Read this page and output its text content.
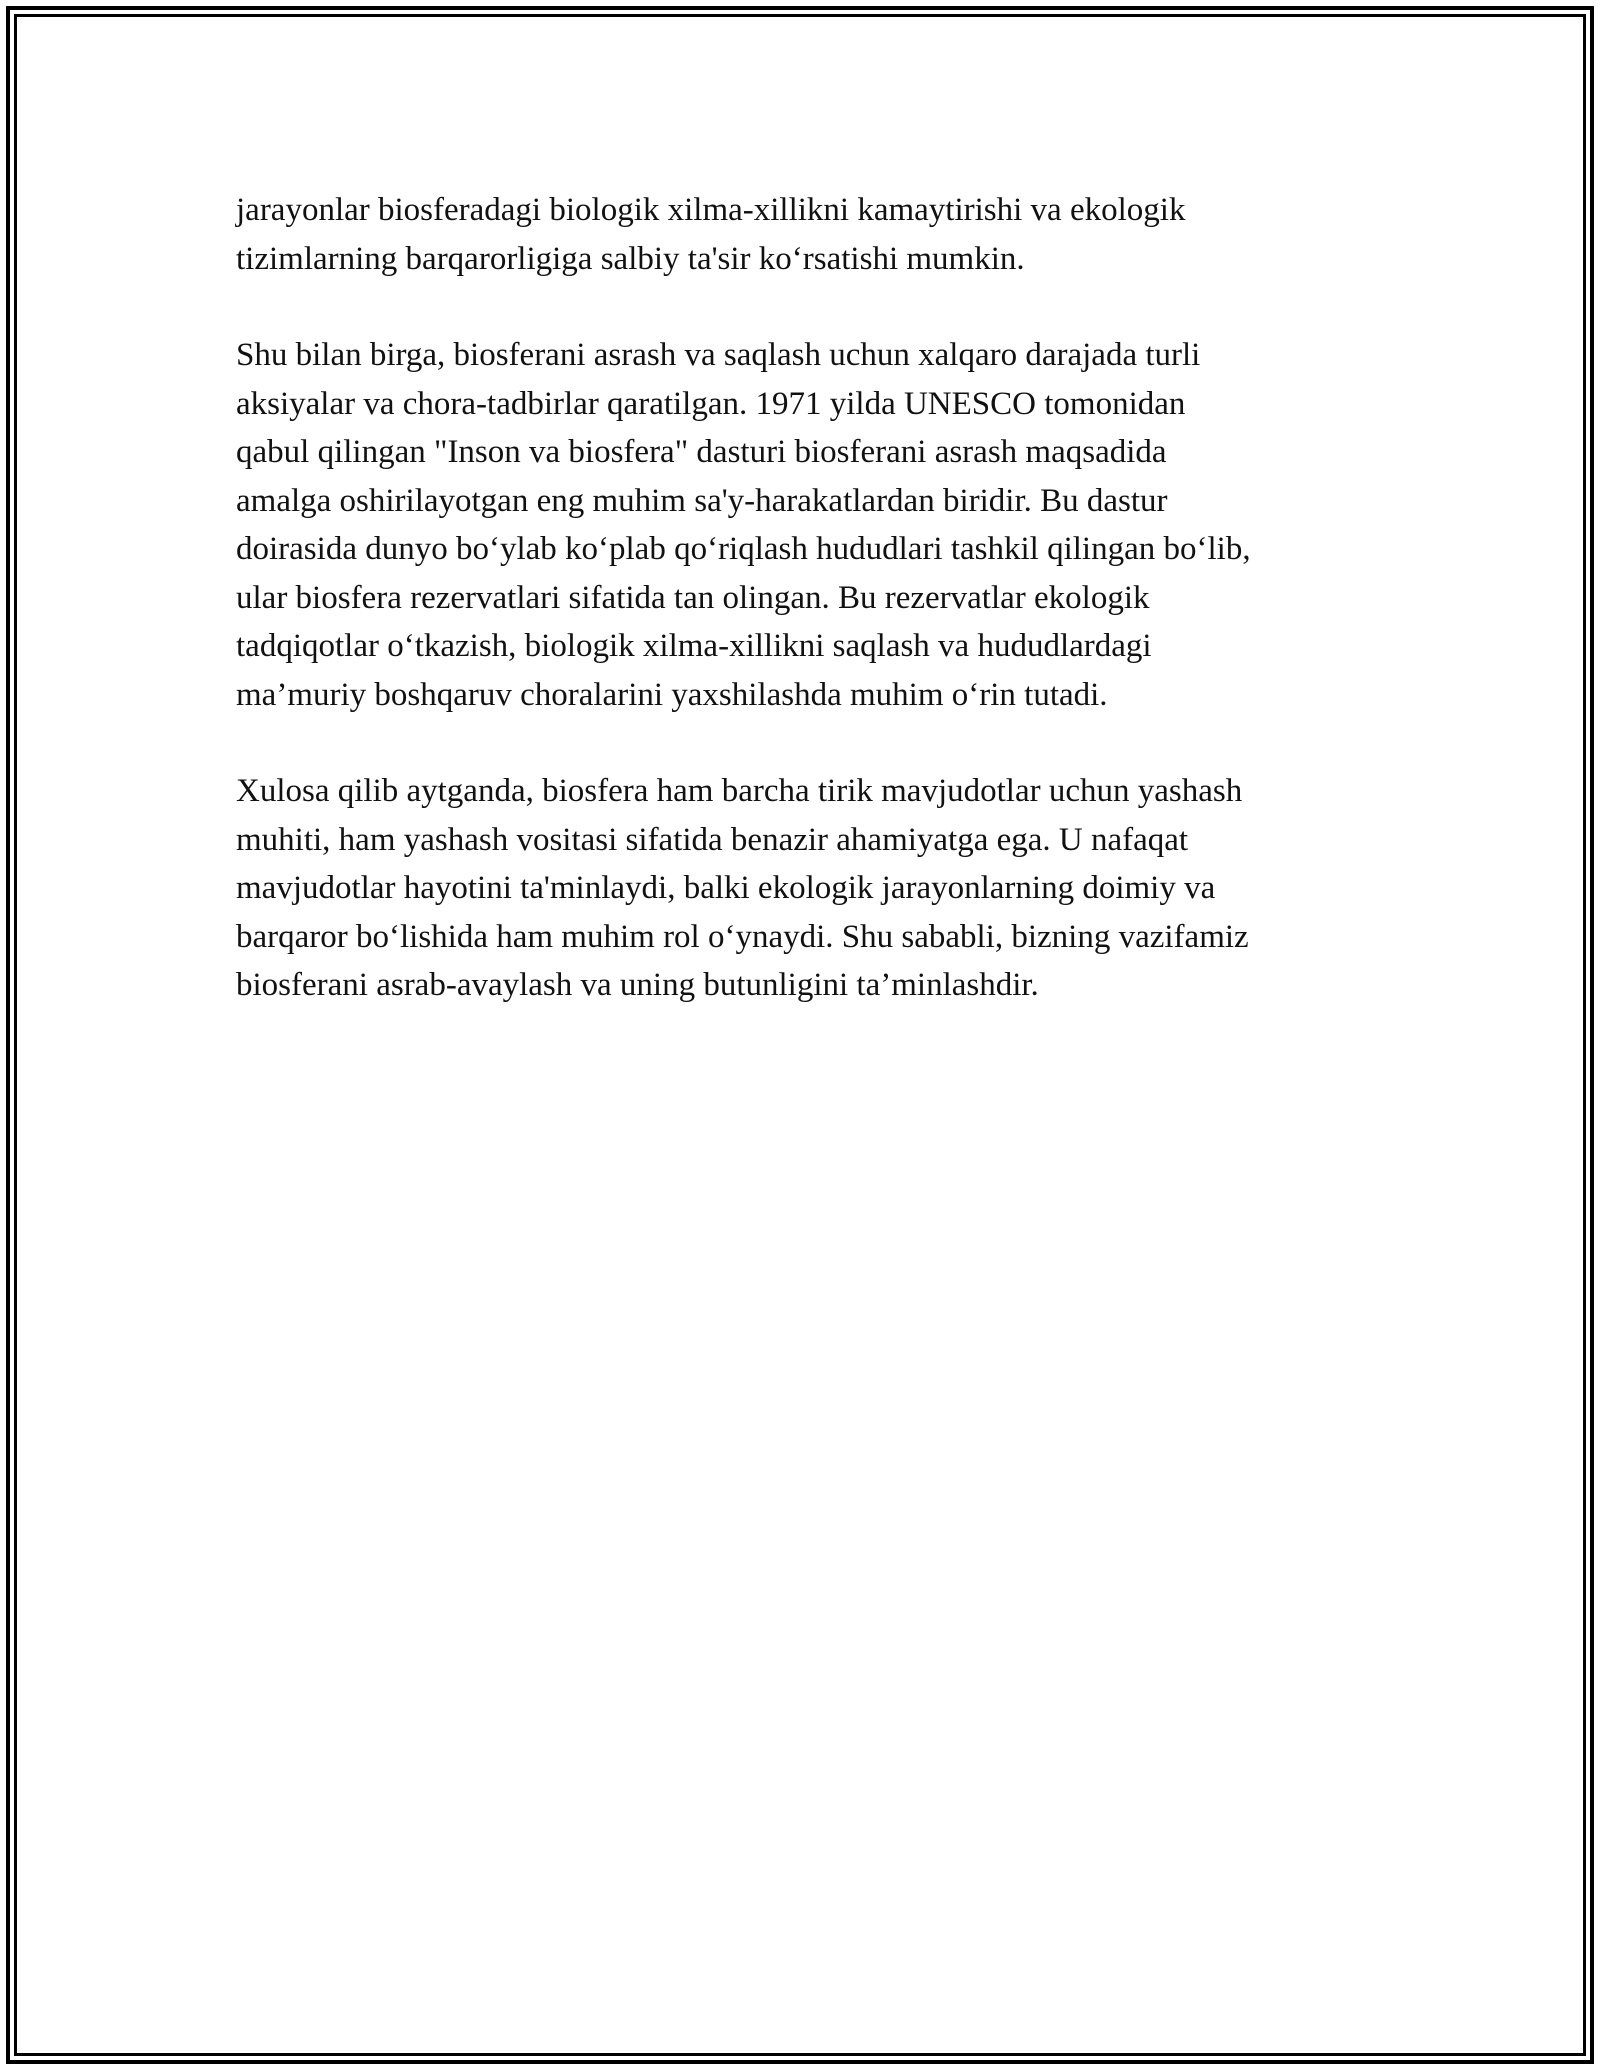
jarayonlar biosferadagi biologik xilma-xillikni kamaytirishi va ekologik
tizimlarning barqarorligiga salbiy ta'sir koʻrsatishi mumkin.

Shu bilan birga, biosferani asrash va saqlash uchun xalqaro darajada turli
aksiyalar va chora-tadbirlar qaratilgan. 1971 yilda UNESCO tomonidan
qabul qilingan "Inson va biosfera" dasturi biosferani asrash maqsadida
amalga oshirilayotgan eng muhim sa'y-harakatlardan biridir. Bu dastur
doirasida dunyo boʻylab koʻplab qoʻriqlash hududlari tashkil qilingan boʻlib,
ular biosfera rezervatlari sifatida tan olingan. Bu rezervatlar ekologik
tadqiqotlar oʻtkazish, biologik xilma-xillikni saqlash va hududlardagi
ma’muriy boshqaruv choralarini yaxshilashda muhim oʻrin tutadi.

Xulosa qilib aytganda, biosfera ham barcha tirik mavjudotlar uchun yashash
muhiti, ham yashash vositasi sifatida benazir ahamiyatga ega. U nafaqat
mavjudotlar hayotini ta'minlaydi, balki ekologik jarayonlarning doimiy va
barqaror boʻlishida ham muhim rol oʻynaydi. Shu sababli, bizning vazifamiz
biosferani asrab-avaylash va uning butunligini ta’minlashdir.
